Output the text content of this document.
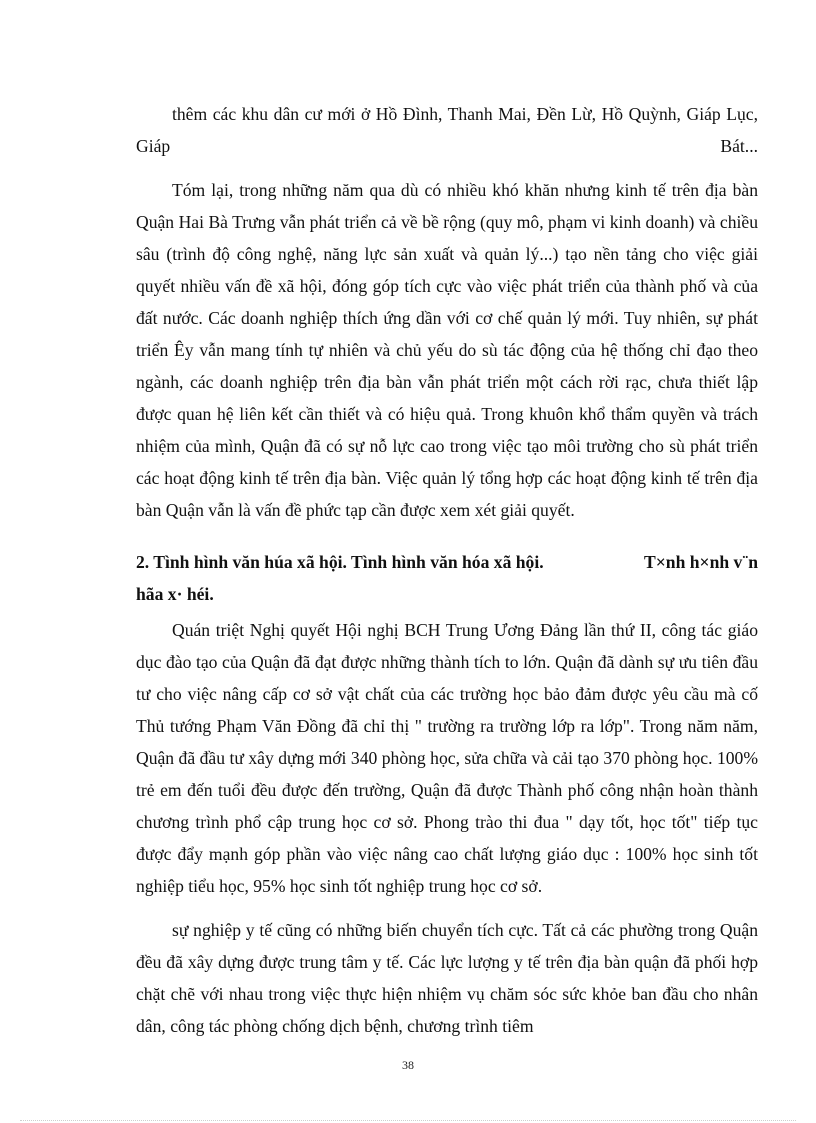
thêm các khu dân cư mới ở Hồ Đình, Thanh Mai, Đền Lừ, Hồ Quỳnh, Giáp Lục, Giáp Bát...

Tóm lại, trong những năm qua dù có nhiều khó khăn nhưng kinh tế trên địa bàn Quận Hai Bà Trưng vẫn phát triển cả về bề rộng (quy mô, phạm vi kinh doanh) và chiều sâu (trình độ công nghệ, năng lực sản xuất và quản lý...) tạo nền tảng cho việc giải quyết nhiều vấn đề xã hội, đóng góp tích cực vào việc phát triển của thành phố và của đất nước. Các doanh nghiệp thích ứng dần với cơ chế quản lý mới. Tuy nhiên, sự phát triển Êy vẫn mang tính tự nhiên và chủ yếu do sù tác động của hệ thống chỉ đạo theo ngành, các doanh nghiệp trên địa bàn vẫn phát triển một cách rời rạc, chưa thiết lập được quan hệ liên kết cần thiết và có hiệu quả. Trong khuôn khổ thẩm quyền và trách nhiệm của mình, Quận đã có sự nỗ lực cao trong việc tạo môi trường cho sù phát triển các hoạt động kinh tế trên địa bàn. Việc quản lý tổng hợp các hoạt động kinh tế trên địa bàn Quận vẫn là vấn đề phức tạp cần được xem xét giải quyết.

2. Tình hình văn húa xã hội. Tình hình văn hóa xã hội.	T×nh h×nh v¨n
hãa x· héi.

Quán triệt Nghị quyết Hội nghị BCH Trung Ương Đảng lần thứ II, công tác giáo dục đào tạo của Quận đã đạt được những thành tích to lớn. Quận đã dành sự ưu tiên đầu tư cho việc nâng cấp cơ sở vật chất của các trường học bảo đảm được yêu cầu mà cố Thủ tướng Phạm Văn Đồng đã chỉ thị " trường ra trường lớp ra lớp". Trong năm năm, Quận đã đầu tư xây dựng mới 340 phòng học, sửa chữa và cải tạo 370 phòng học. 100% trẻ em đến tuổi đều được đến trường, Quận đã được Thành phố công nhận hoàn thành chương trình phổ cập trung học cơ sở. Phong trào thi đua " dạy tốt, học tốt" tiếp tục được đẩy mạnh góp phần vào việc nâng cao chất lượng giáo dục : 100% học sinh tốt nghiệp tiểu học, 95% học sinh tốt nghiệp trung học cơ sở.

sự nghiệp y tế cũng có những biến chuyển tích cực. Tất cả các phường trong Quận đều đã xây dựng được trung tâm y tế. Các lực lượng y tế trên địa bàn quận đã phối hợp chặt chẽ với nhau trong việc thực hiện nhiệm vụ chăm sóc sức khỏe ban đầu cho nhân dân, công tác phòng chống dịch bệnh, chương trình tiêm

38
